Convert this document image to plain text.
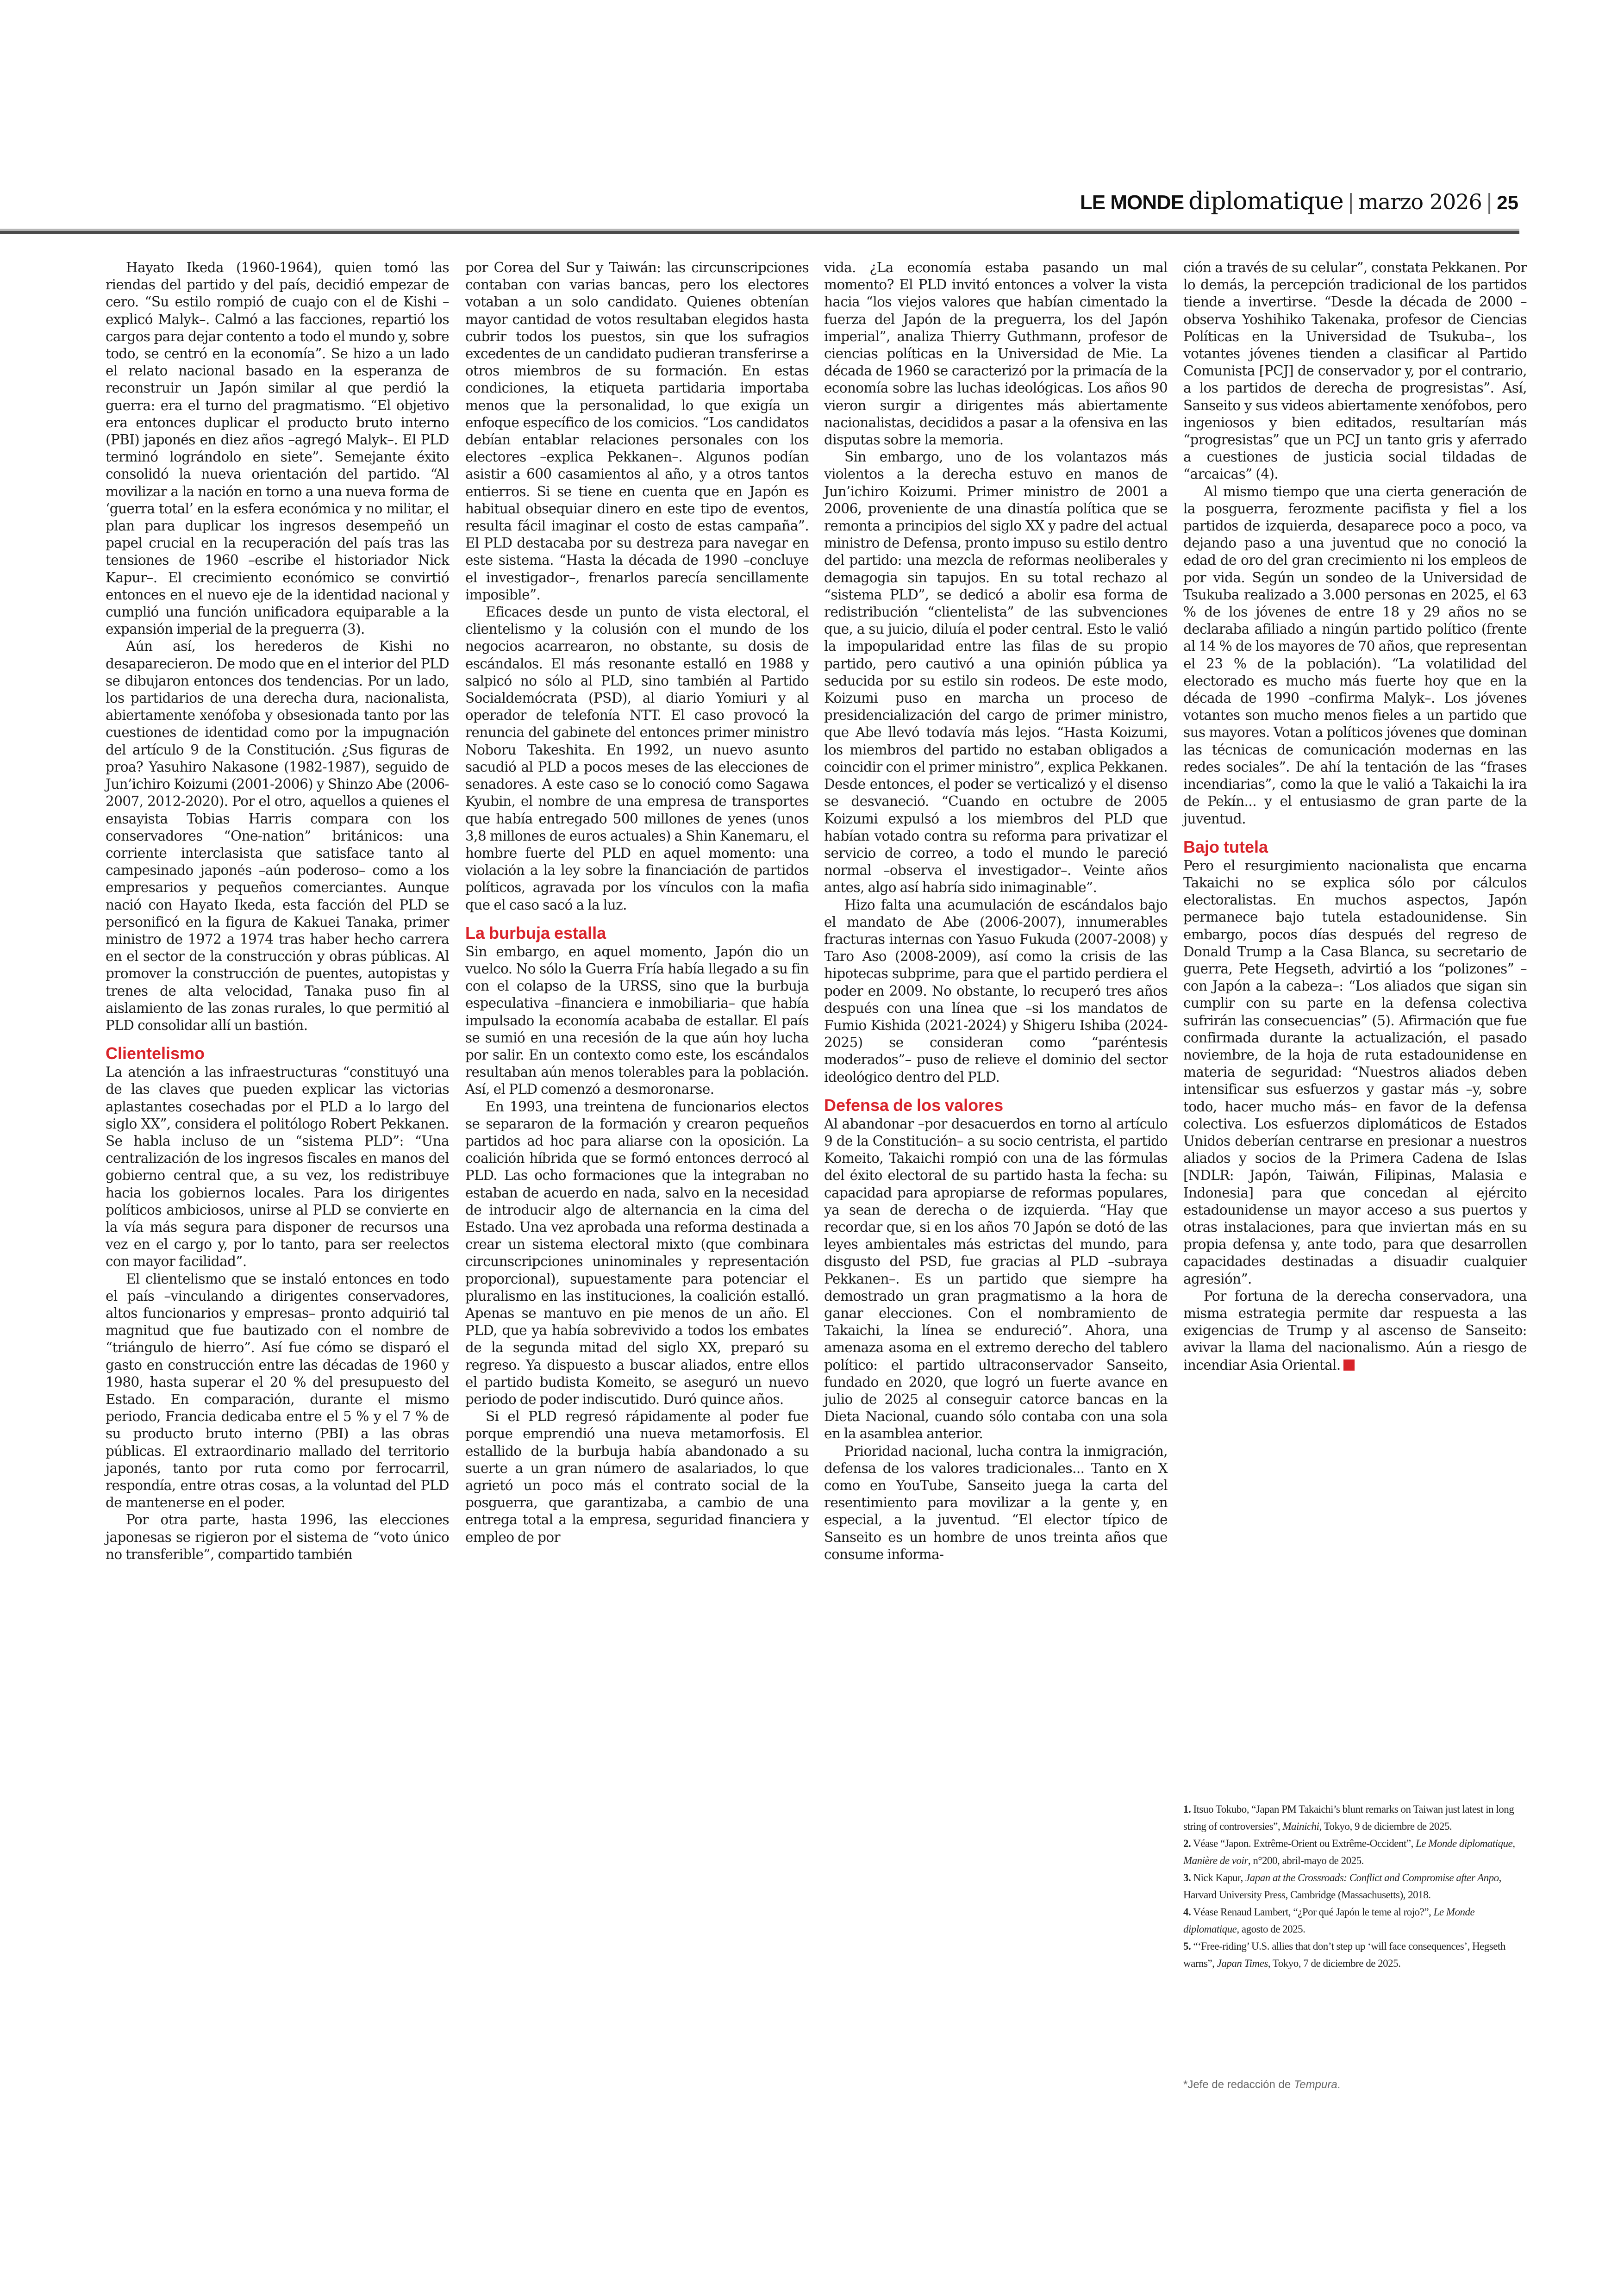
LE MONDE diplomatique | marzo 2026 | 25

Hayato Ikeda (1960-1964), quien tomó las riendas del partido y del país, decidió empezar de cero. “Su estilo rompió de cuajo con el de Kishi –explicó Malyk–. Calmó a las facciones, repartió los cargos para dejar contento a todo el mundo y, sobre todo, se centró en la economía”. Se hizo a un lado el relato nacional basado en la esperanza de reconstruir un Japón similar al que perdió la guerra: era el turno del pragmatismo. “El objetivo era entonces duplicar el producto bruto interno (PBI) japonés en diez años –agregó Malyk–. El PLD terminó lográndolo en siete”. Semejante éxito consolidó la nueva orientación del partido. “Al movilizar a la nación en torno a una nueva forma de ‘guerra total’ en la esfera económica y no militar, el plan para duplicar los ingresos desempeñó un papel crucial en la recuperación del país tras las tensiones de 1960 –escribe el historiador Nick Kapur–. El crecimiento económico se convirtió entonces en el nuevo eje de la identidad nacional y cumplió una función unificadora equiparable a la expansión imperial de la preguerra (3).

Aún así, los herederos de Kishi no desaparecieron. De modo que en el interior del PLD se dibujaron entonces dos tendencias. Por un lado, los partidarios de una derecha dura, nacionalista, abiertamente xenófoba y obsesionada tanto por las cuestiones de identidad como por la impugnación del artículo 9 de la Constitución. ¿Sus figuras de proa? Yasuhiro Nakasone (1982-1987), seguido de Jun’ichiro Koizumi (2001-2006) y Shinzo Abe (2006-2007, 2012-2020). Por el otro, aquellos a quienes el ensayista Tobias Harris compara con los conservadores “One-nation” británicos: una corriente interclasista que satisface tanto al campesinado japonés –aún poderoso– como a los empresarios y pequeños comerciantes. Aunque nació con Hayato Ikeda, esta facción del PLD se personificó en la figura de Kakuei Tanaka, primer ministro de 1972 a 1974 tras haber hecho carrera en el sector de la construcción y obras públicas. Al promover la construcción de puentes, autopistas y trenes de alta velocidad, Tanaka puso fin al aislamiento de las zonas rurales, lo que permitió al PLD consolidar allí un bastión.

Clientelismo

La atención a las infraestructuras “constituyó una de las claves que pueden explicar las victorias aplastantes cosechadas por el PLD a lo largo del siglo XX”, considera el politólogo Robert Pekkanen. Se habla incluso de un “sistema PLD”: “Una centralización de los ingresos fiscales en manos del gobierno central que, a su vez, los redistribuye hacia los gobiernos locales. Para los dirigentes políticos ambiciosos, unirse al PLD se convierte en la vía más segura para disponer de recursos una vez en el cargo y, por lo tanto, para ser reelectos con mayor facilidad”.

El clientelismo que se instaló entonces en todo el país –vinculando a dirigentes conservadores, altos funcionarios y empresas– pronto adquirió tal magnitud que fue bautizado con el nombre de “triángulo de hierro”. Así fue cómo se disparó el gasto en construcción entre las décadas de 1960 y 1980, hasta superar el 20 % del presupuesto del Estado. En comparación, durante el mismo periodo, Francia dedicaba entre el 5 % y el 7 % de su producto bruto interno (PBI) a las obras públicas. El extraordinario mallado del territorio japonés, tanto por ruta como por ferrocarril, respondía, entre otras cosas, a la voluntad del PLD de mantenerse en el poder.

Por otra parte, hasta 1996, las elecciones japonesas se rigieron por el sistema de “voto único no transferible”, compartido también

por Corea del Sur y Taiwán: las circunscripciones contaban con varias bancas, pero los electores votaban a un solo candidato. Quienes obtenían mayor cantidad de votos resultaban elegidos hasta cubrir todos los puestos, sin que los sufragios excedentes de un candidato pudieran transferirse a otros miembros de su formación. En estas condiciones, la etiqueta partidaria importaba menos que la personalidad, lo que exigía un enfoque específico de los comicios. “Los candidatos debían entablar relaciones personales con los electores –explica Pekkanen–. Algunos podían asistir a 600 casamientos al año, y a otros tantos entierros. Si se tiene en cuenta que en Japón es habitual obsequiar dinero en este tipo de eventos, resulta fácil imaginar el costo de estas campaña”. El PLD destacaba por su destreza para navegar en este sistema. “Hasta la década de 1990 –concluye el investigador–, frenarlos parecía sencillamente imposible”.

Eficaces desde un punto de vista electoral, el clientelismo y la colusión con el mundo de los negocios acarrearon, no obstante, su dosis de escándalos. El más resonante estalló en 1988 y salpicó no sólo al PLD, sino también al Partido Socialdemócrata (PSD), al diario Yomiuri y al operador de telefonía NTT. El caso provocó la renuncia del gabinete del entonces primer ministro Noboru Takeshita. En 1992, un nuevo asunto sacudió al PLD a pocos meses de las elecciones de senadores. A este caso se lo conoció como Sagawa Kyubin, el nombre de una empresa de transportes que había entregado 500 millones de yenes (unos 3,8 millones de euros actuales) a Shin Kanemaru, el hombre fuerte del PLD en aquel momento: una violación a la ley sobre la financiación de partidos políticos, agravada por los vínculos con la mafia que el caso sacó a la luz.

La burbuja estalla

Sin embargo, en aquel momento, Japón dio un vuelco. No sólo la Guerra Fría había llegado a su fin con el colapso de la URSS, sino que la burbuja especulativa –financiera e inmobiliaria– que había impulsado la economía acababa de estallar. El país se sumió en una recesión de la que aún hoy lucha por salir. En un contexto como este, los escándalos resultaban aún menos tolerables para la población. Así, el PLD comenzó a desmoronarse.

En 1993, una treintena de funcionarios electos se separaron de la formación y crearon pequeños partidos ad hoc para aliarse con la oposición. La coalición híbrida que se formó entonces derrocó al PLD. Las ocho formaciones que la integraban no estaban de acuerdo en nada, salvo en la necesidad de introducir algo de alternancia en la cima del Estado. Una vez aprobada una reforma destinada a crear un sistema electoral mixto (que combinara circunscripciones uninominales y representación proporcional), supuestamente para potenciar el pluralismo en las instituciones, la coalición estalló. Apenas se mantuvo en pie menos de un año. El PLD, que ya había sobrevivido a todos los embates de la segunda mitad del siglo XX, preparó su regreso. Ya dispuesto a buscar aliados, entre ellos el partido budista Komeito, se aseguró un nuevo periodo de poder indiscutido. Duró quince años.

Si el PLD regresó rápidamente al poder fue porque emprendió una nueva metamorfosis. El estallido de la burbuja había abandonado a su suerte a un gran número de asalariados, lo que agrietó un poco más el contrato social de la posguerra, que garantizaba, a cambio de una entrega total a la empresa, seguridad financiera y empleo de por

vida. ¿La economía estaba pasando un mal momento? El PLD invitó entonces a volver la vista hacia “los viejos valores que habían cimentado la fuerza del Japón de la preguerra, los del Japón imperial”, analiza Thierry Guthmann, profesor de ciencias políticas en la Universidad de Mie. La década de 1960 se caracterizó por la primacía de la economía sobre las luchas ideológicas. Los años 90 vieron surgir a dirigentes más abiertamente nacionalistas, decididos a pasar a la ofensiva en las disputas sobre la memoria.

Sin embargo, uno de los volantazos más violentos a la derecha estuvo en manos de Jun’ichiro Koizumi. Primer ministro de 2001 a 2006, proveniente de una dinastía política que se remonta a principios del siglo XX y padre del actual ministro de Defensa, pronto impuso su estilo dentro del partido: una mezcla de reformas neoliberales y demagogia sin tapujos. En su total rechazo al “sistema PLD”, se dedicó a abolir esa forma de redistribución “clientelista” de las subvenciones que, a su juicio, diluía el poder central. Esto le valió la impopularidad entre las filas de su propio partido, pero cautivó a una opinión pública ya seducida por su estilo sin rodeos. De este modo, Koizumi puso en marcha un proceso de presidencialización del cargo de primer ministro, que Abe llevó todavía más lejos. “Hasta Koizumi, los miembros del partido no estaban obligados a coincidir con el primer ministro”, explica Pekkanen. Desde entonces, el poder se verticalizó y el disenso se desvaneció. “Cuando en octubre de 2005 Koizumi expulsó a los miembros del PLD que habían votado contra su reforma para privatizar el servicio de correo, a todo el mundo le pareció normal –observa el investigador–. Veinte años antes, algo así habría sido inimaginable”.

Hizo falta una acumulación de escándalos bajo el mandato de Abe (2006-2007), innumerables fracturas internas con Yasuo Fukuda (2007-2008) y Taro Aso (2008-2009), así como la crisis de las hipotecas subprime, para que el partido perdiera el poder en 2009. No obstante, lo recuperó tres años después con una línea que –si los mandatos de Fumio Kishida (2021-2024) y Shigeru Ishiba (2024-2025) se consideran como “paréntesis moderados”– puso de relieve el dominio del sector ideológico dentro del PLD.

Defensa de los valores

Al abandonar –por desacuerdos en torno al artículo 9 de la Constitución– a su socio centrista, el partido Komeito, Takaichi rompió con una de las fórmulas del éxito electoral de su partido hasta la fecha: su capacidad para apropiarse de reformas populares, ya sean de derecha o de izquierda. “Hay que recordar que, si en los años 70 Japón se dotó de las leyes ambientales más estrictas del mundo, para disgusto del PSD, fue gracias al PLD –subraya Pekkanen–. Es un partido que siempre ha demostrado un gran pragmatismo a la hora de ganar elecciones. Con el nombramiento de Takaichi, la línea se endureció”. Ahora, una amenaza asoma en el extremo derecho del tablero político: el partido ultraconservador Sanseito, fundado en 2020, que logró un fuerte avance en julio de 2025 al conseguir catorce bancas en la Dieta Nacional, cuando sólo contaba con una sola en la asamblea anterior.

Prioridad nacional, lucha contra la inmigración, defensa de los valores tradicionales... Tanto en X como en YouTube, Sanseito juega la carta del resentimiento para movilizar a la gente y, en especial, a la juventud. “El elector típico de Sanseito es un hombre de unos treinta años que consume informa-

ción a través de su celular”, constata Pekkanen. Por lo demás, la percepción tradicional de los partidos tiende a invertirse. “Desde la década de 2000 –observa Yoshihiko Takenaka, profesor de Ciencias Políticas en la Universidad de Tsukuba–, los votantes jóvenes tienden a clasificar al Partido Comunista [PCJ] de conservador y, por el contrario, a los partidos de derecha de progresistas”. Así, Sanseito y sus videos abiertamente xenófobos, pero ingeniosos y bien editados, resultarían más “progresistas” que un PCJ un tanto gris y aferrado a cuestiones de justicia social tildadas de “arcaicas” (4).

Al mismo tiempo que una cierta generación de la posguerra, ferozmente pacifista y fiel a los partidos de izquierda, desaparece poco a poco, va dejando paso a una juventud que no conoció la edad de oro del gran crecimiento ni los empleos de por vida. Según un sondeo de la Universidad de Tsukuba realizado a 3.000 personas en 2025, el 63 % de los jóvenes de entre 18 y 29 años no se declaraba afiliado a ningún partido político (frente al 14 % de los mayores de 70 años, que representan el 23 % de la población). “La volatilidad del electorado es mucho más fuerte hoy que en la década de 1990 –confirma Malyk–. Los jóvenes votantes son mucho menos fieles a un partido que sus mayores. Votan a políticos jóvenes que dominan las técnicas de comunicación modernas en las redes sociales”. De ahí la tentación de las “frases incendiarias”, como la que le valió a Takaichi la ira de Pekín... y el entusiasmo de gran parte de la juventud.

Bajo tutela

Pero el resurgimiento nacionalista que encarna Takaichi no se explica sólo por cálculos electoralistas. En muchos aspectos, Japón permanece bajo tutela estadounidense. Sin embargo, pocos días después del regreso de Donald Trump a la Casa Blanca, su secretario de guerra, Pete Hegseth, advirtió a los “polizones” –con Japón a la cabeza–: “Los aliados que sigan sin cumplir con su parte en la defensa colectiva sufrirán las consecuencias” (5). Afirmación que fue confirmada durante la actualización, el pasado noviembre, de la hoja de ruta estadounidense en materia de seguridad: “Nuestros aliados deben intensificar sus esfuerzos y gastar más –y, sobre todo, hacer mucho más– en favor de la defensa colectiva. Los esfuerzos diplomáticos de Estados Unidos deberían centrarse en presionar a nuestros aliados y socios de la Primera Cadena de Islas [NDLR: Japón, Taiwán, Filipinas, Malasia e Indonesia] para que concedan al ejército estadounidense un mayor acceso a sus puertos y otras instalaciones, para que inviertan más en su propia defensa y, ante todo, para que desarrollen capacidades destinadas a disuadir cualquier agresión”.

Por fortuna de la derecha conservadora, una misma estrategia permite dar respuesta a las exigencias de Trump y al ascenso de Sanseito: avivar la llama del nacionalismo. Aún a riesgo de incendiar Asia Oriental.

1. Itsuo Tokubo, “Japan PM Takaichi’s blunt remarks on Taiwan just latest in long string of controversies”, Mainichi, Tokyo, 9 de diciembre de 2025.
2. Véase “Japon. Extrême-Orient ou Extrême-Occident”, Le Monde diplomatique, Manière de voir, n°200, abril-mayo de 2025.
3. Nick Kapur, Japan at the Crossroads: Conflict and Compromise after Anpo, Harvard University Press, Cambridge (Massachusetts), 2018.
4. Véase Renaud Lambert, “¿Por qué Japón le teme al rojo?”, Le Monde diplomatique, agosto de 2025.
5. “‘Free-riding’ U.S. allies that don’t step up ‘will face consequences’, Hegseth warns”, Japan Times, Tokyo, 7 de diciembre de 2025.
*Jefe de redacción de Tempura.
